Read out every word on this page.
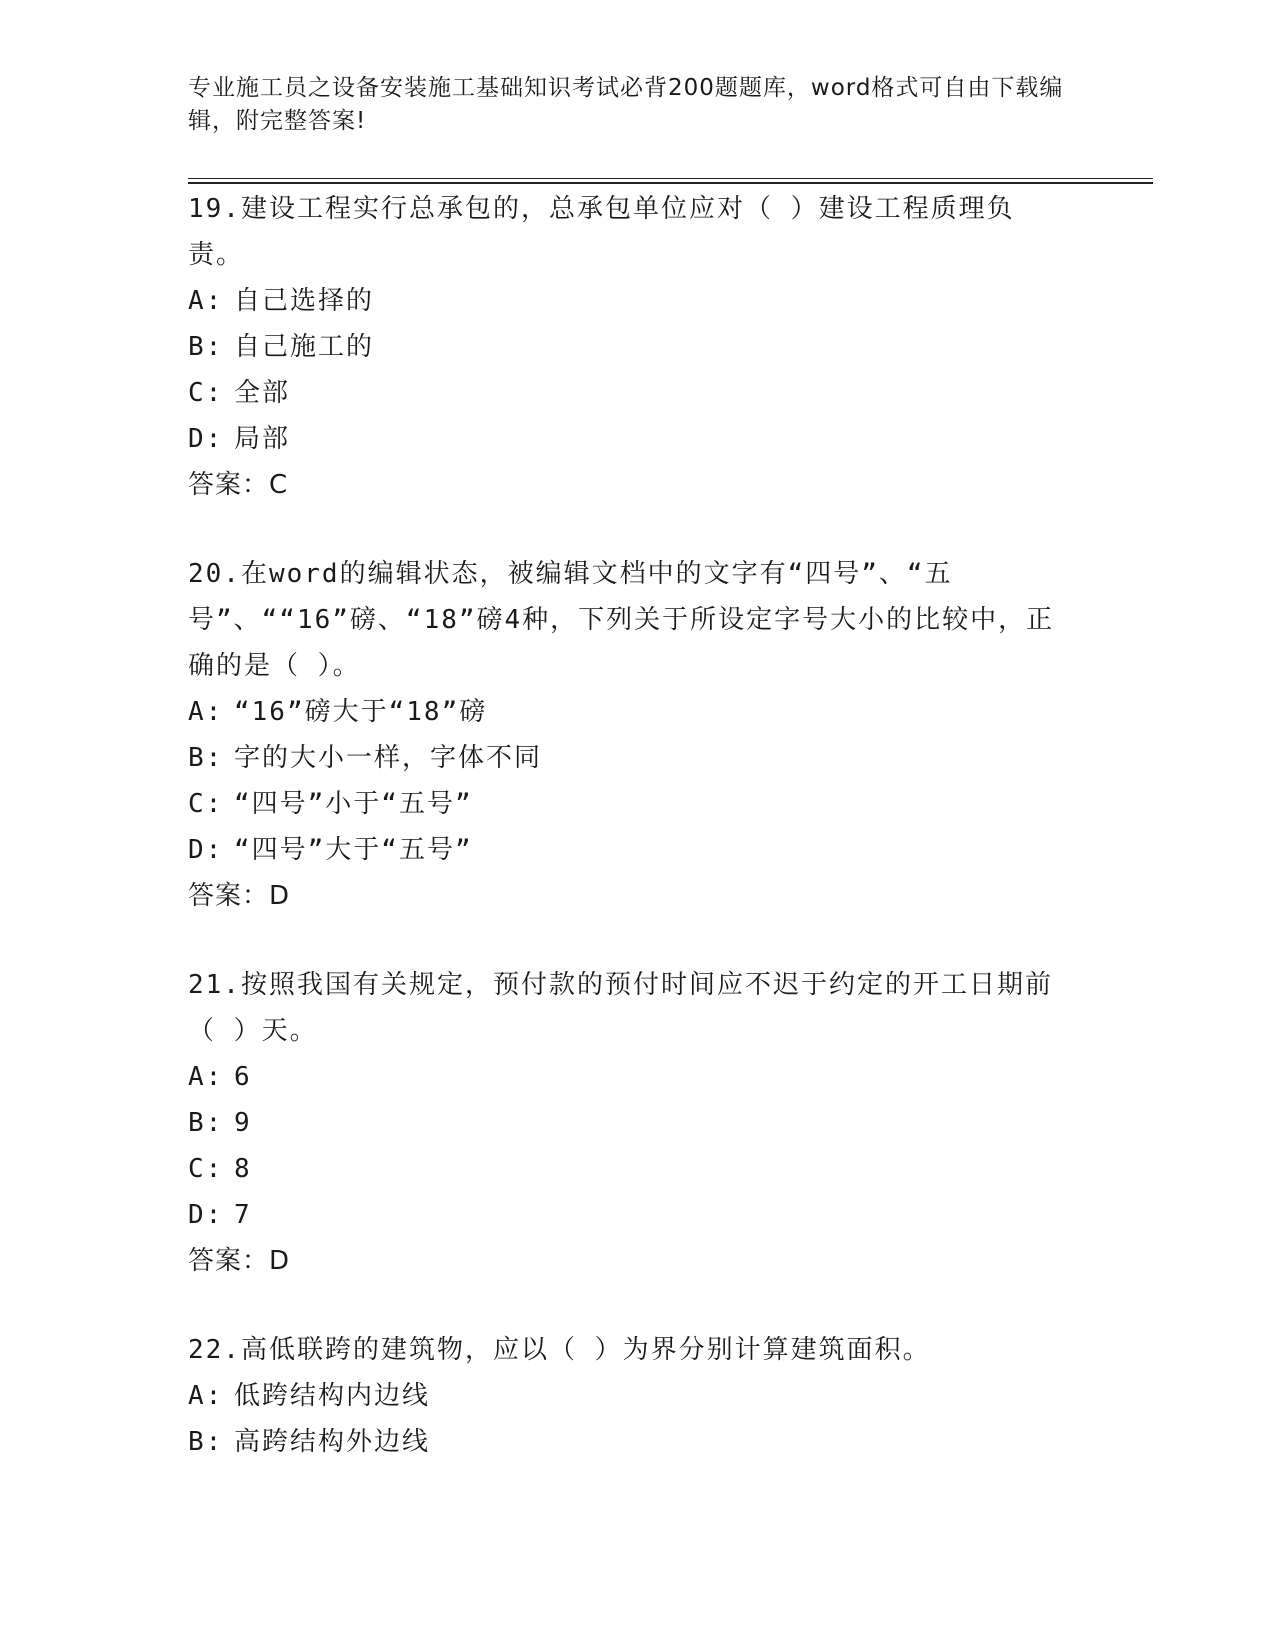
专业施工员之设备安装施工基础知识考试必背200题题库，word格式可自由下载编辑，附完整答案!
19.建设工程实行总承包的，总承包单位应对（ ）建设工程质理负责。
A: 自己选择的
B: 自己施工的
C: 全部
D: 局部
答案：C
20.在word的编辑状态，被编辑文档中的文字有“四号”、“五号”、““16”磅、“18”磅4种，下列关于所设定字号大小的比较中，正确的是（ ）。
A: “16”磅大于“18”磅
B: 字的大小一样，字体不同
C: “四号”小于“五号”
D: “四号”大于“五号”
答案：D
21.按照我国有关规定，预付款的预付时间应不迟于约定的开工日期前（ ）天。
A: 6
B: 9
C: 8
D: 7
答案：D
22.高低联跨的建筑物，应以（ ）为界分别计算建筑面积。
A: 低跨结构内边线
B: 高跨结构外边线
